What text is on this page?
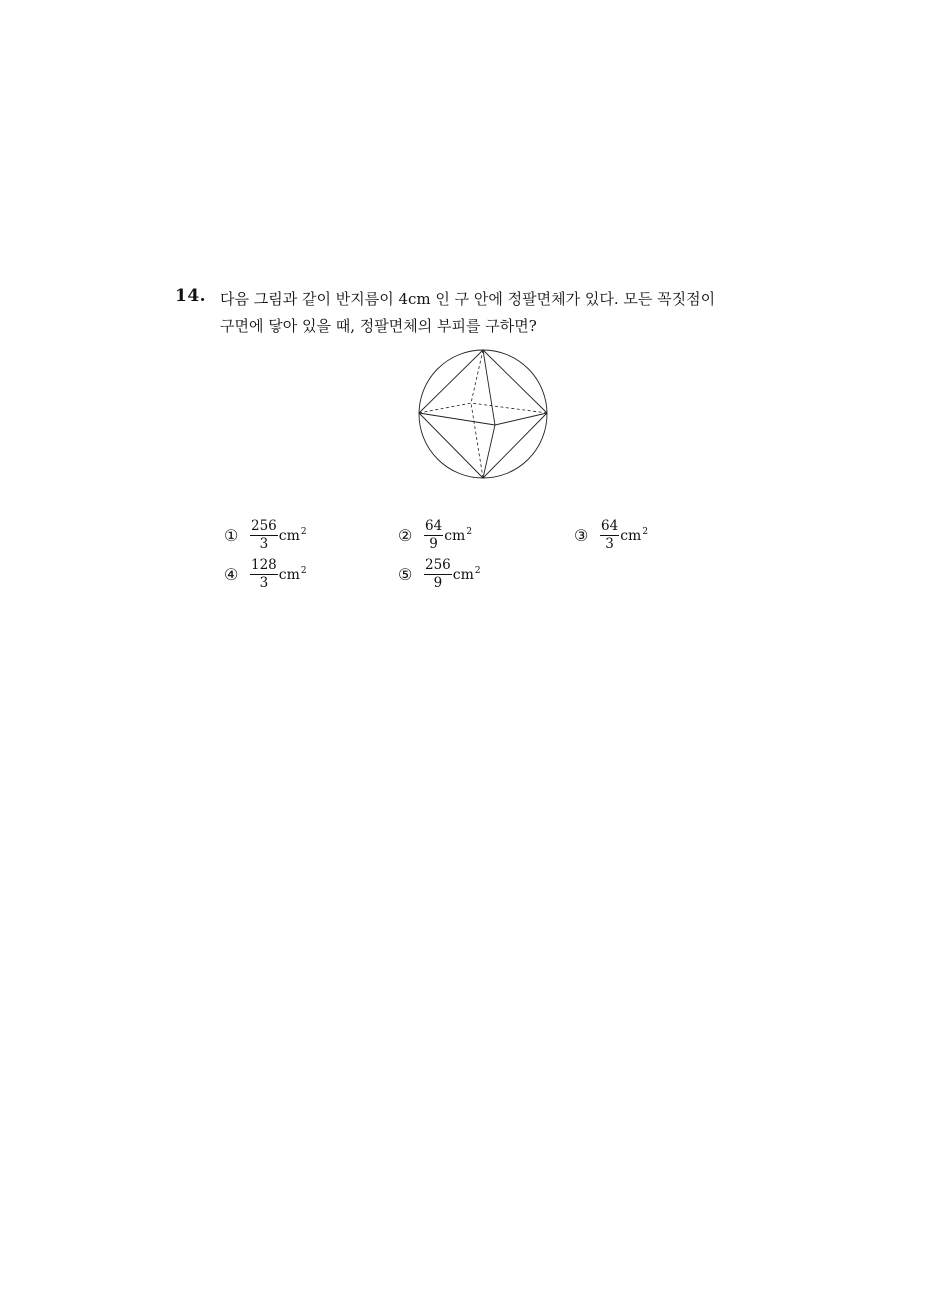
14. 다음 그림과 같이 반지름이 4cm 인 구 안에 정팔면체가 있다. 모든 꼭짓점이
구면에 닿아 있을 때, 정팔면체의 부피를 구하면?
① $\frac{256}{3} cm^2$	② $\frac{64}{9} cm^2$	③ $\frac{64}{3} cm^2$
④ $\frac{128}{3} cm^2$	⑤ $\frac{256}{9} cm^2$
